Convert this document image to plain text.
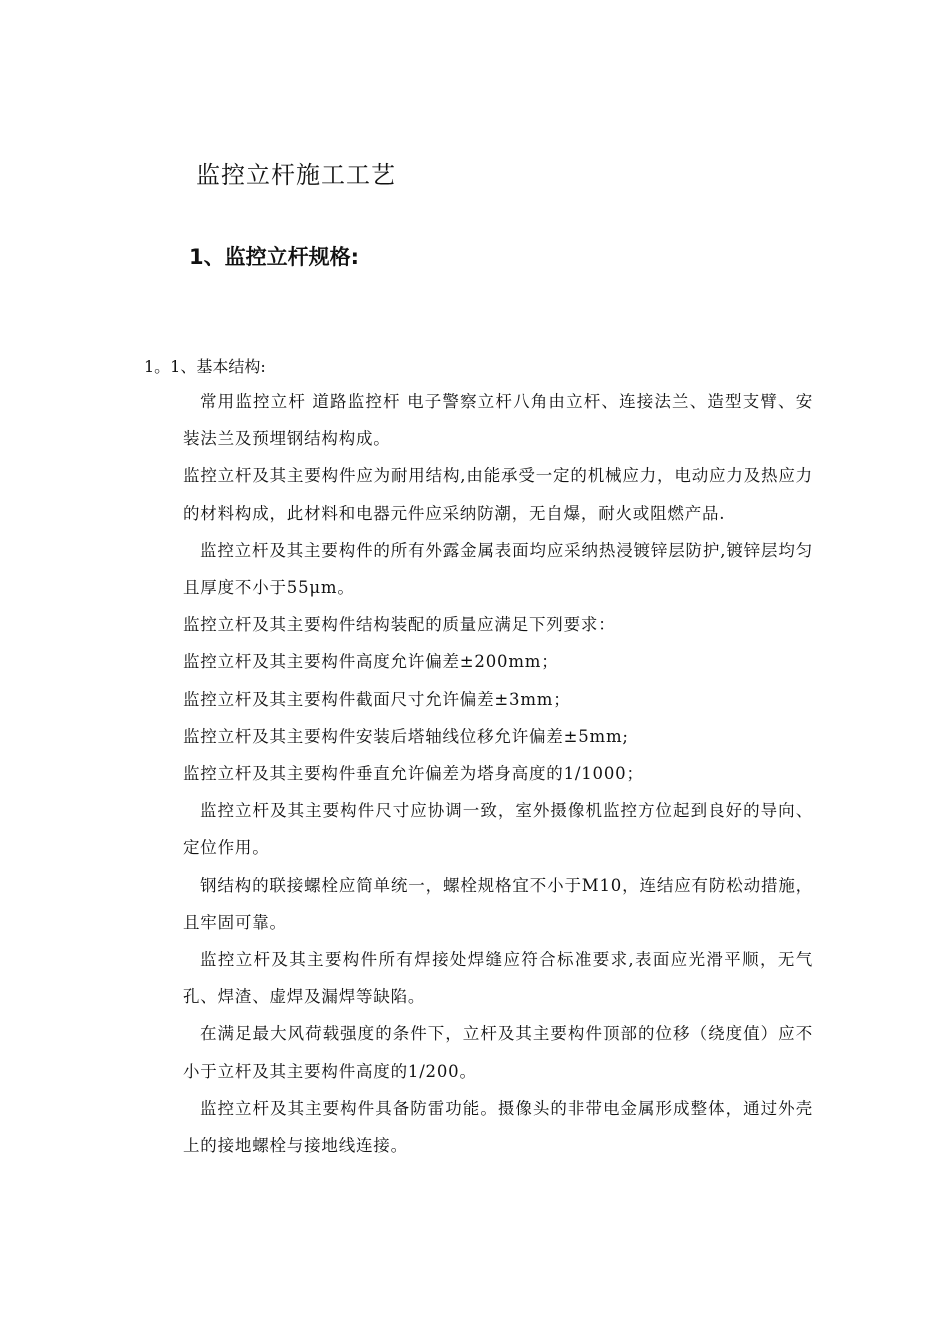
监控立杆施工工艺
1、监控立杆规格:
1。1、基本结构:

常用监控立杆 道路监控杆 电子警察立杆八角由立杆、连接法兰、造型支臂、安装法兰及预埋钢结构构成。

监控立杆及其主要构件应为耐用结构,由能承受一定的机械应力，电动应力及热应力的材料构成，此材料和电器元件应采纳防潮，无自爆，耐火或阻燃产品.

监控立杆及其主要构件的所有外露金属表面均应采纳热浸镀锌层防护,镀锌层均匀且厚度不小于55μm。

监控立杆及其主要构件结构装配的质量应满足下列要求：

监控立杆及其主要构件高度允许偏差±200mm；

监控立杆及其主要构件截面尺寸允许偏差±3mm；

监控立杆及其主要构件安装后塔轴线位移允许偏差±5mm;

监控立杆及其主要构件垂直允许偏差为塔身高度的1/1000；

监控立杆及其主要构件尺寸应协调一致，室外摄像机监控方位起到良好的导向、定位作用。

钢结构的联接螺栓应简单统一，螺栓规格宜不小于M10，连结应有防松动措施，且牢固可靠。

监控立杆及其主要构件所有焊接处焊缝应符合标准要求,表面应光滑平顺，无气孔、焊渣、虚焊及漏焊等缺陷。

在满足最大风荷载强度的条件下，立杆及其主要构件顶部的位移（绕度值）应不小于立杆及其主要构件高度的1/200。

监控立杆及其主要构件具备防雷功能。摄像头的非带电金属形成整体，通过外壳上的接地螺栓与接地线连接。
